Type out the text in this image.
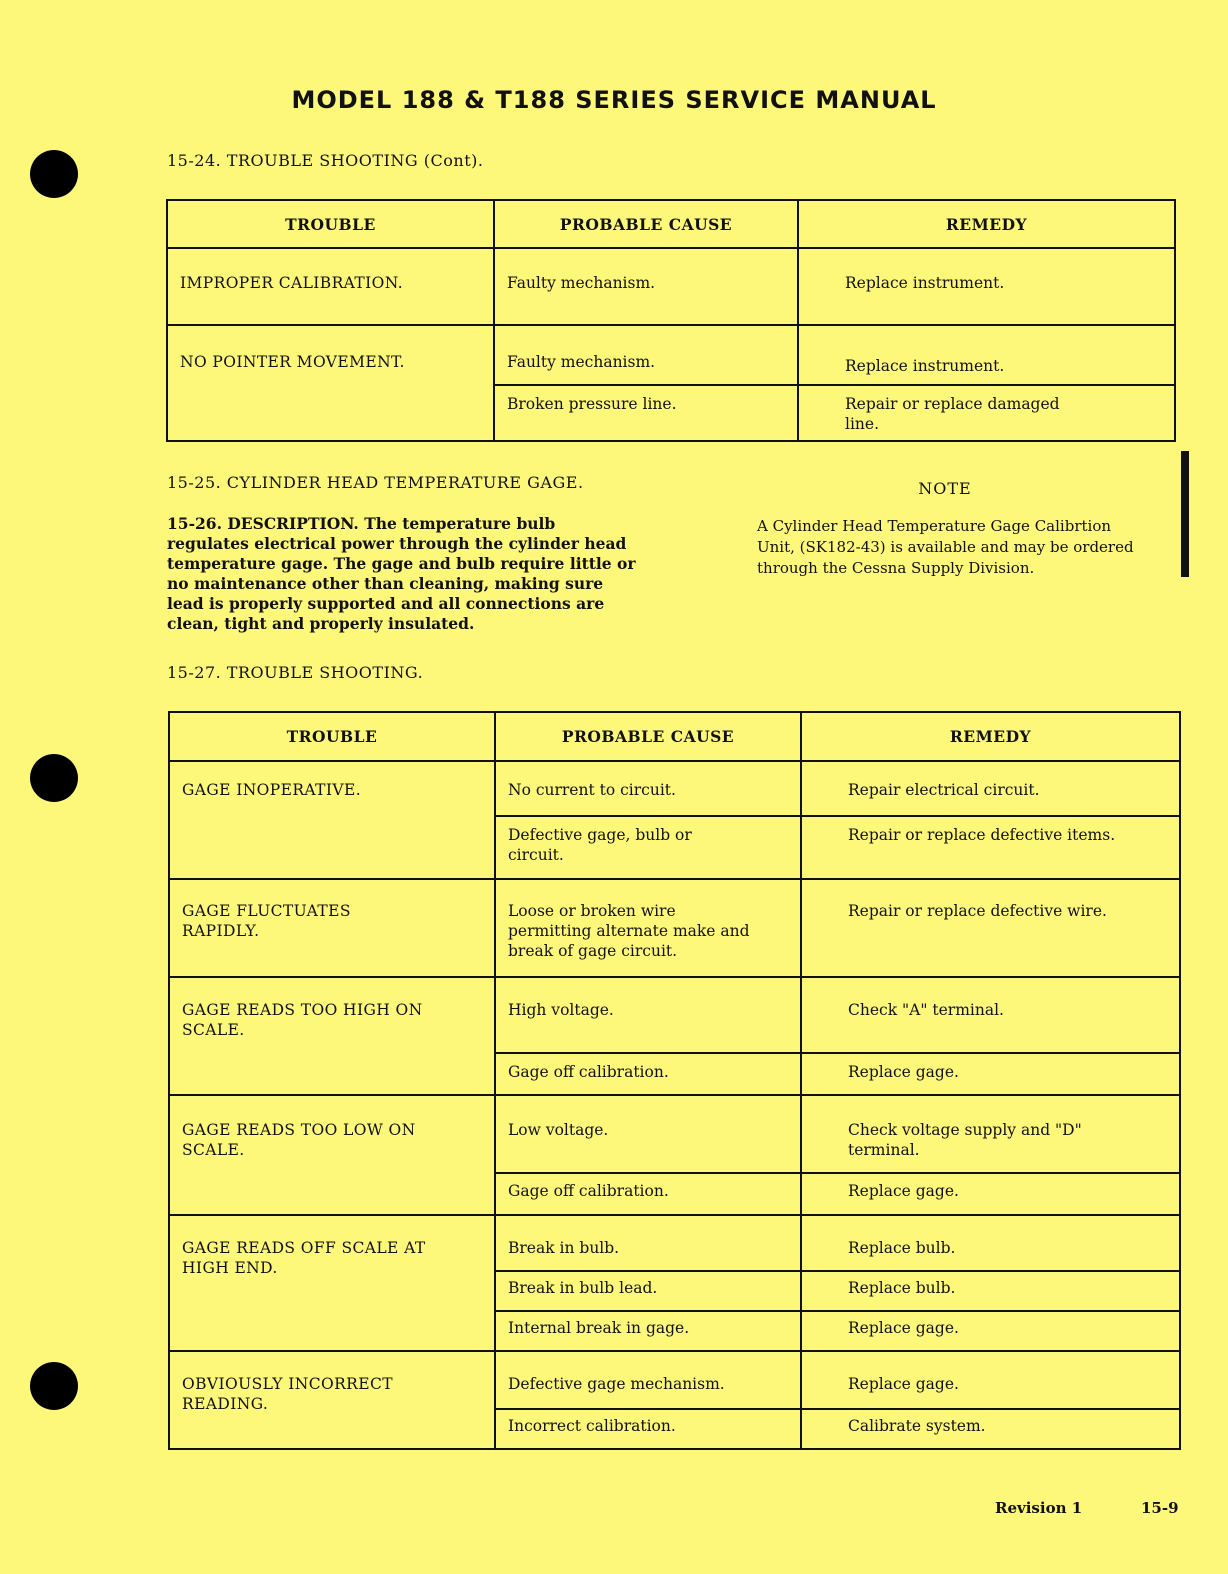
MODEL 188 & T188 SERIES SERVICE MANUAL
15-24. TROUBLE SHOOTING (Cont).
TROUBLE	PROBABLE CAUSE	REMEDY

IMPROPER CALIBRATION.	Faulty mechanism.	Replace instrument.

NO POINTER MOVEMENT.	Faulty mechanism.	Replace instrument.

	Broken pressure line.	Repair or replace damaged line.
15-25. CYLINDER HEAD TEMPERATURE GAGE.
15-26. DESCRIPTION. The temperature bulb regulates electrical power through the cylinder head temperature gage. The gage and bulb require little or no maintenance other than cleaning, making sure lead is properly supported and all connections are clean, tight and properly insulated.
NOTE
A Cylinder Head Temperature Gage Calibrtion Unit, (SK182-43) is available and may be ordered through the Cessna Supply Division.
15-27. TROUBLE SHOOTING.
TROUBLE	PROBABLE CAUSE	REMEDY

GAGE INOPERATIVE.	No current to circuit.	Repair electrical circuit.

	Defective gage, bulb or circuit.	Repair or replace defective items.

GAGE FLUCTUATES RAPIDLY.	Loose or broken wire permitting alternate make and break of gage circuit.	Repair or replace defective wire.

GAGE READS TOO HIGH ON SCALE.	High voltage.	Check "A" terminal.

	Gage off calibration.	Replace gage.

GAGE READS TOO LOW ON SCALE.	Low voltage.	Check voltage supply and "D" terminal.

	Gage off calibration.	Replace gage.

GAGE READS OFF SCALE AT HIGH END.	Break in bulb.	Replace bulb.

	Break in bulb lead.	Replace bulb.

	Internal break in gage.	Replace gage.

OBVIOUSLY INCORRECT READING.	Defective gage mechanism.	Replace gage.

	Incorrect calibration.	Calibrate system.
Revision 1	15-9
